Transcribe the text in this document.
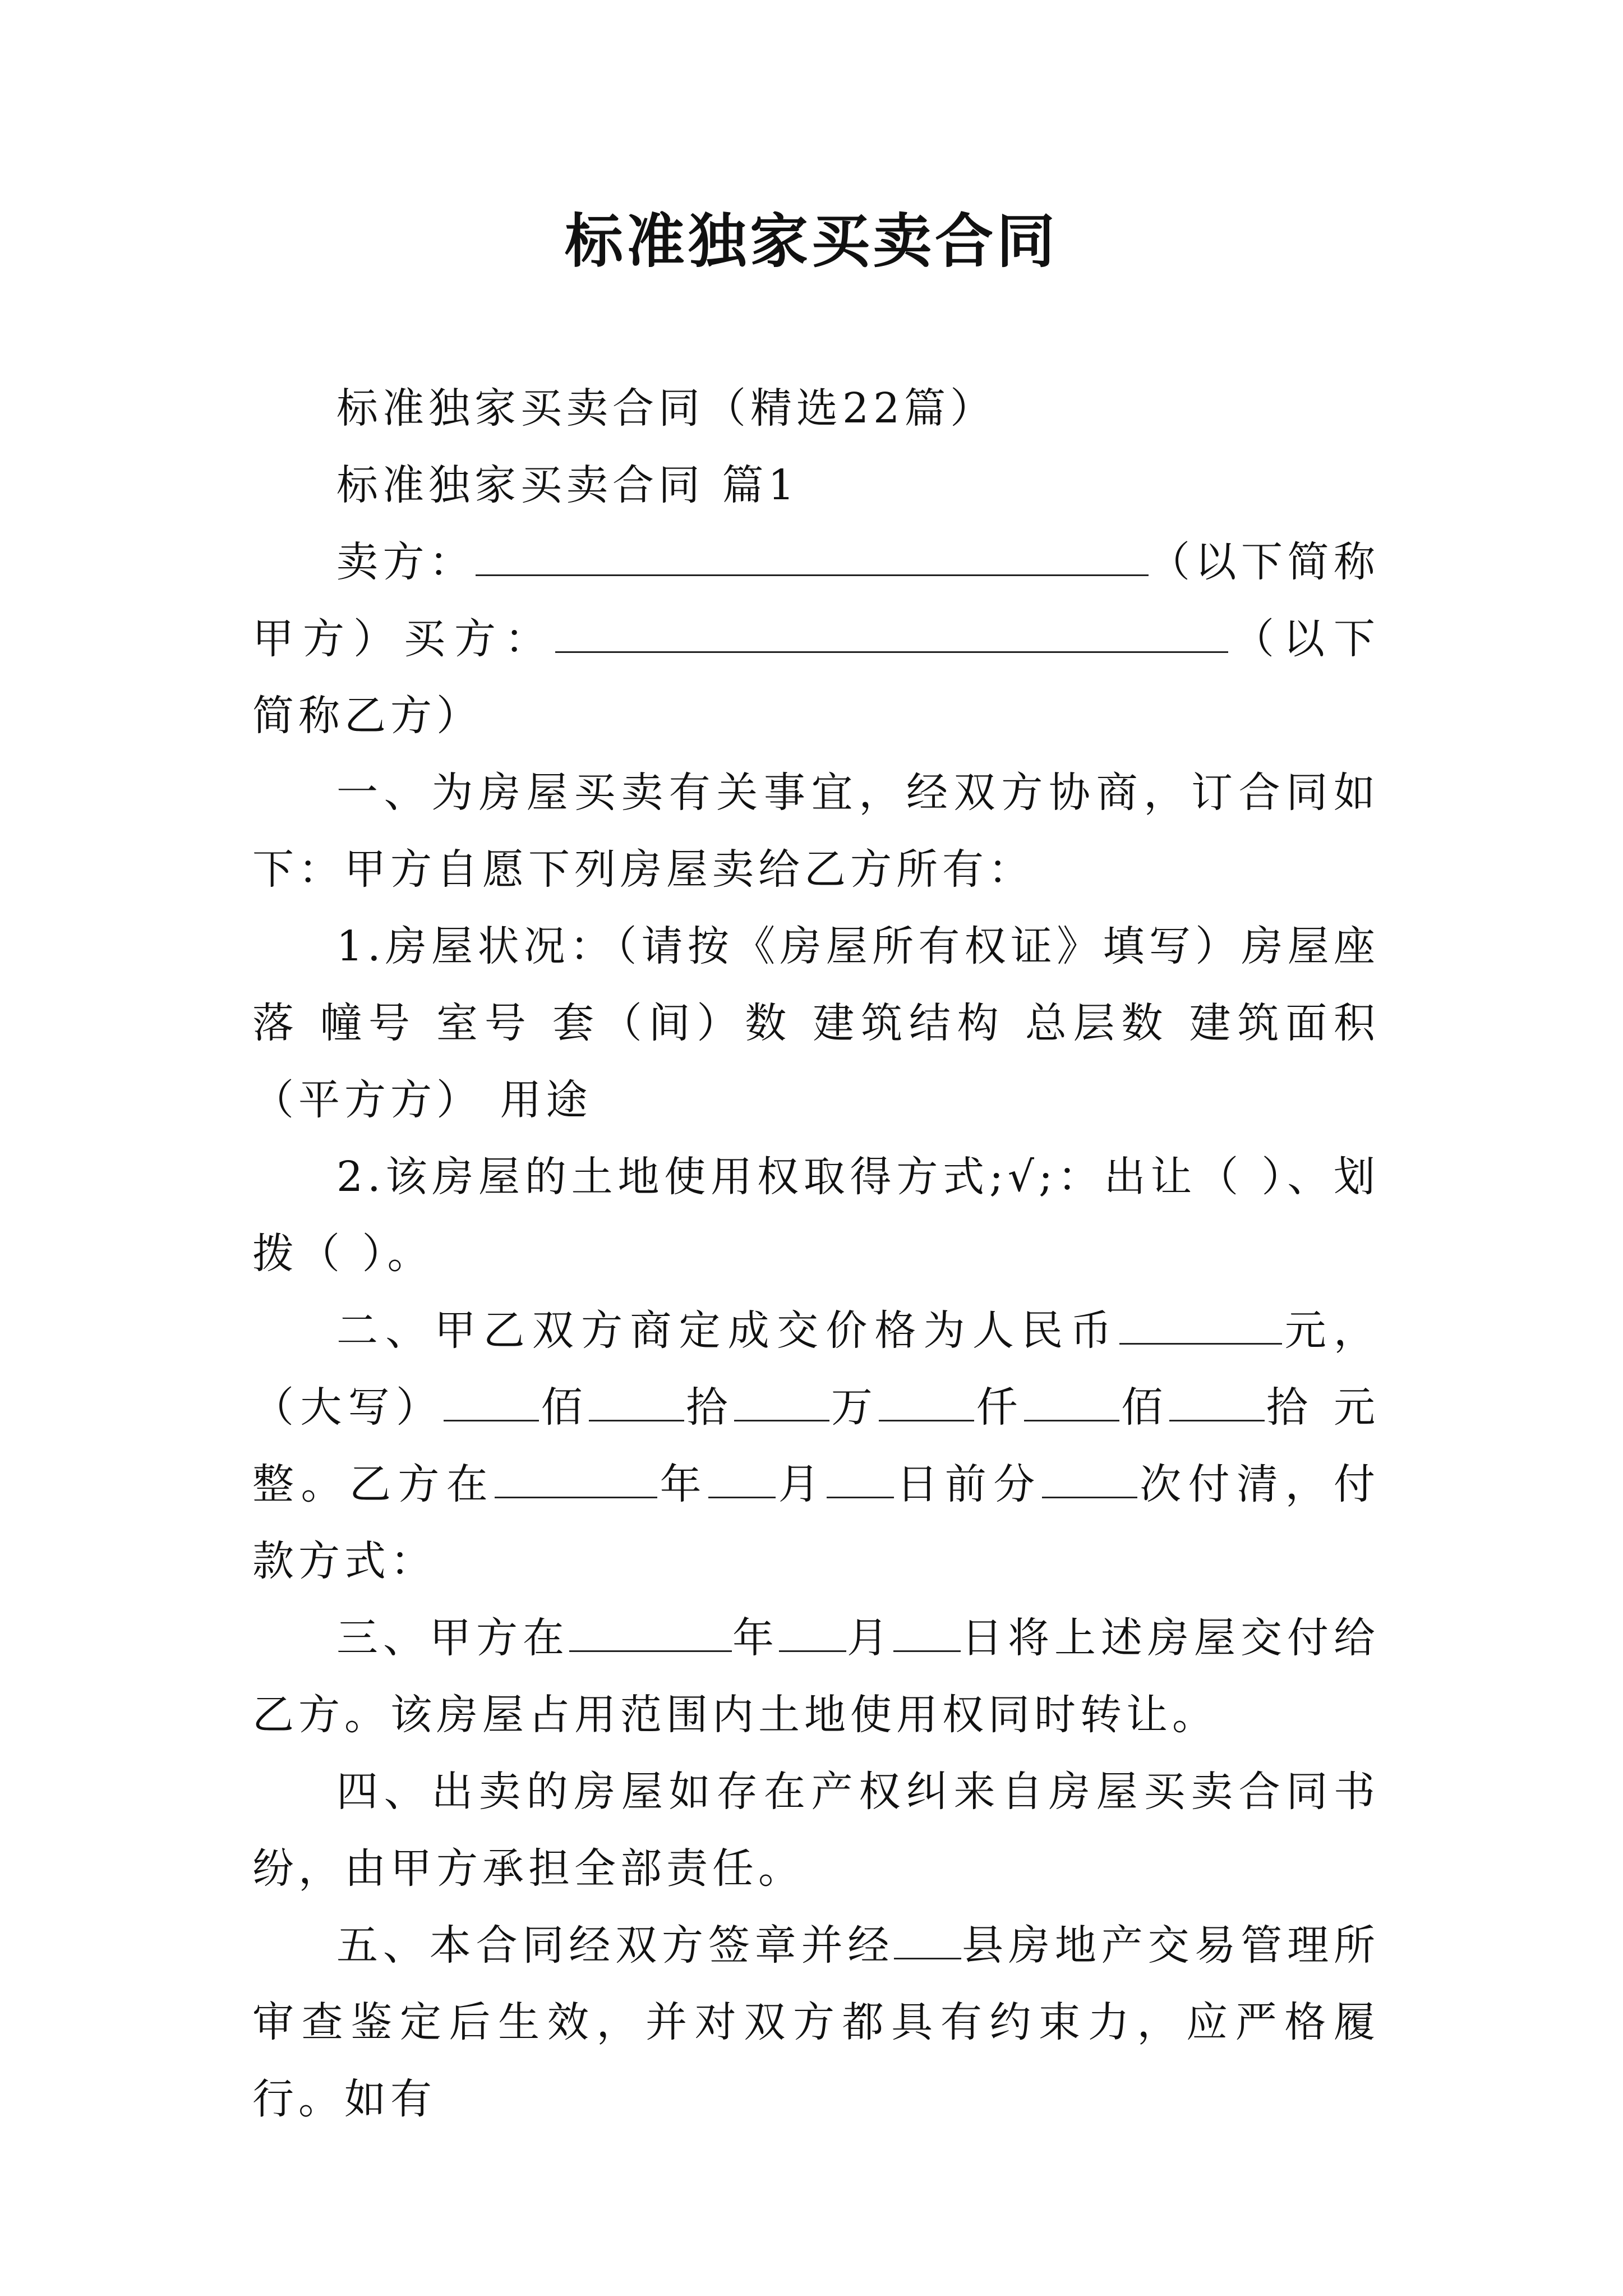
标准独家买卖合同

标准独家买卖合同（精选22篇）

标准独家买卖合同 篇1

卖方：	（以下简称甲方）买方：	（以下简称乙方）

一、为房屋买卖有关事宜，经双方协商，订合同如下：甲方自愿下列房屋卖给乙方所有：

1.房屋状况：（请按《房屋所有权证》填写）房屋座落 幢号 室号 套（间）数 建筑结构 总层数 建筑面积（平方方） 用途

2.该房屋的土地使用权取得方式;√;：出让（ ）、划拨（ ）。

二、甲乙双方商定成交价格为人民币	元，（大写） 佰 拾 万 仟 佰 拾 元整。乙方在	年 月 日前分 次付清，付款方式：

三、甲方在	年 月 日将上述房屋交付给乙方。该房屋占用范围内土地使用权同时转让。

四、出卖的房屋如存在产权纠来自房屋买卖合同书纷，由甲方承担全部责任。

五、本合同经双方签章并经 县房地产交易管理所审查鉴定后生效，并对双方都具有约束力，应严格履行。如有
